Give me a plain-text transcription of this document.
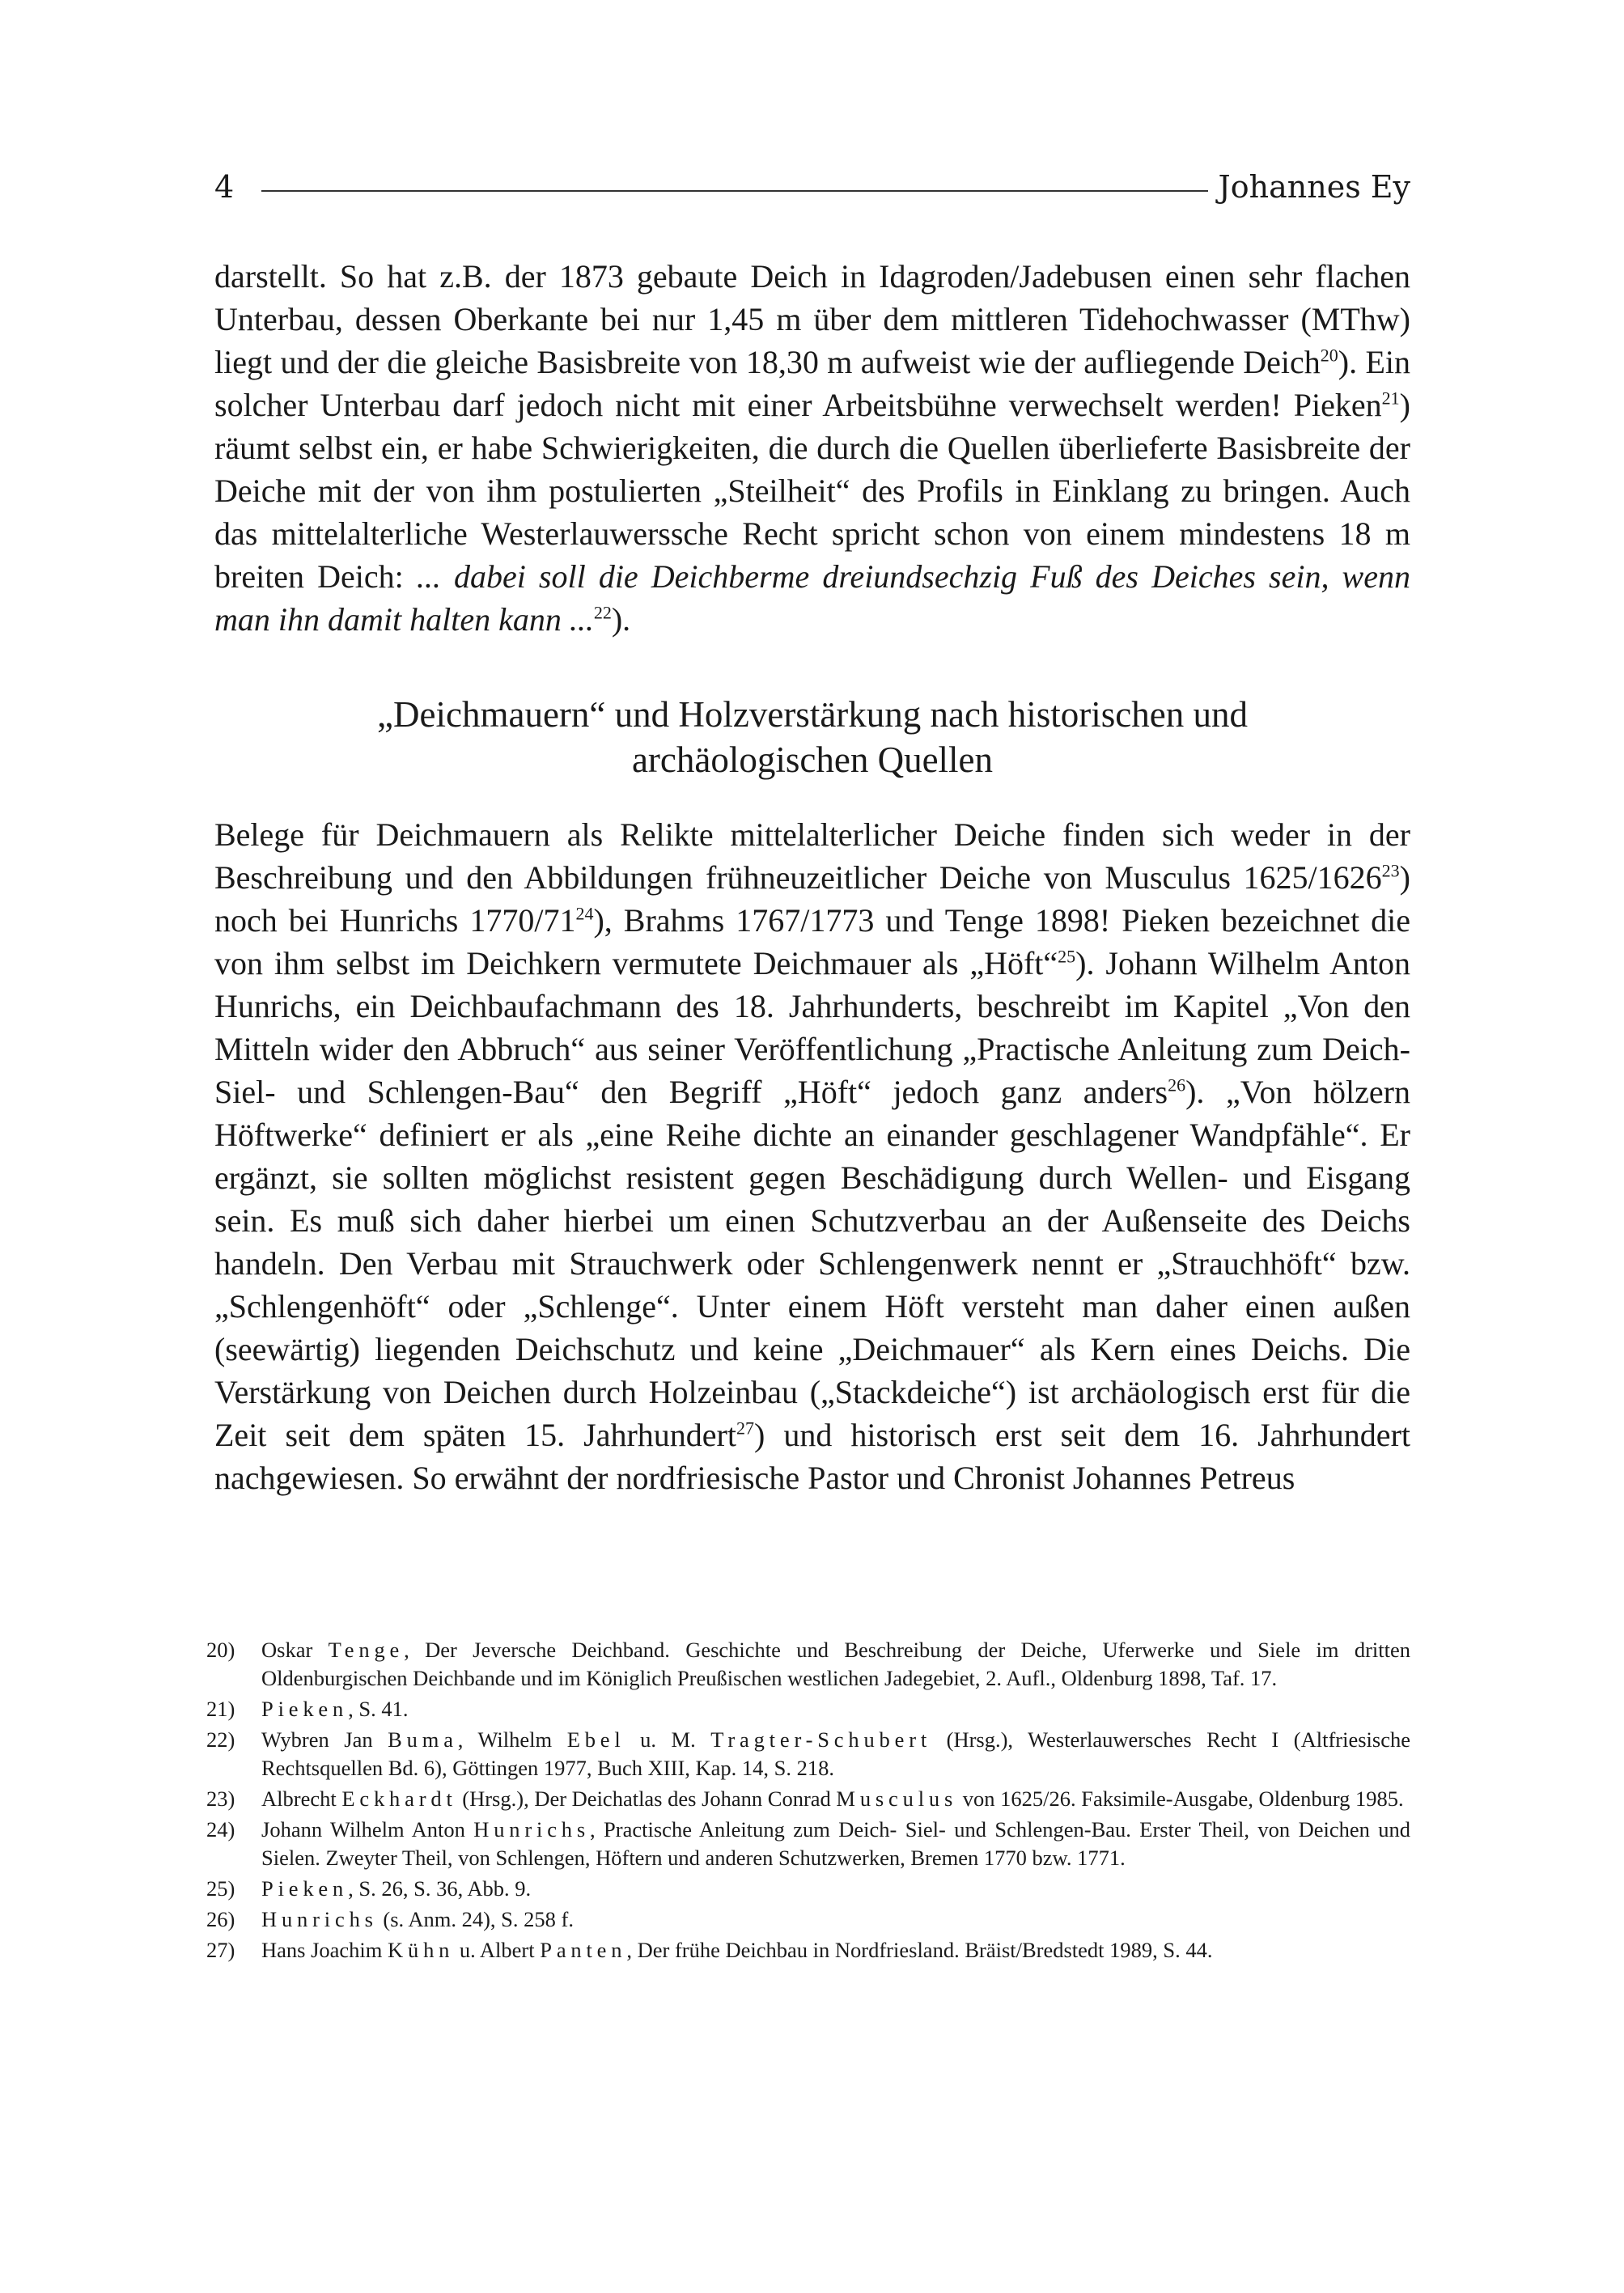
4	Johannes Ey

darstellt. So hat z.B. der 1873 gebaute Deich in Idagroden/Jadebusen einen sehr flachen Unterbau, dessen Oberkante bei nur 1,45 m über dem mittleren Tidehochwasser (MThw) liegt und der die gleiche Basisbreite von 18,30 m aufweist wie der aufliegende Deich$^{20}$). Ein solcher Unterbau darf jedoch nicht mit einer Arbeitsbühne verwechselt werden! Pieken$^{21}$) räumt selbst ein, er habe Schwierigkeiten, die durch die Quellen überlieferte Basisbreite der Deiche mit der von ihm postulierten „Steilheit“ des Profils in Einklang zu bringen. Auch das mittelalterliche Westerlauwerssche Recht spricht schon von einem mindestens 18 m breiten Deich: ... dabei soll die Deichberme dreiundsechzig Fuß des Deiches sein, wenn man ihn damit halten kann ...$^{22}$).

„Deichmauern“ und Holzverstärkung nach historischen und
archäologischen Quellen

Belege für Deichmauern als Relikte mittelalterlicher Deiche finden sich weder in der Beschreibung und den Abbildungen frühneuzeitlicher Deiche von Musculus 1625/1626$^{23}$) noch bei Hunrichs $1770/71^{24}$), Brahms 1767/1773 und Tenge 1898! Pieken bezeichnet die von ihm selbst im Deichkern vermutete Deichmauer als „Höft“$^{25}$). Johann Wilhelm Anton Hunrichs, ein Deichbaufachmann des 18. Jahrhunderts, beschreibt im Kapitel „Von den Mitteln wider den Abbruch“ aus seiner Veröffentlichung „Practische Anleitung zum Deich- Siel- und Schlengen-Bau“ den Begriff „Höft“ jedoch ganz anders$^{26}$). „Von hölzern Höftwerke“ definiert er als „eine Reihe dichte an einander geschlagener Wandpfähle“. Er ergänzt, sie sollten möglichst resistent gegen Beschädigung durch Wellen- und Eisgang sein. Es muß sich daher hierbei um einen Schutzverbau an der Außenseite des Deichs handeln. Den Verbau mit Strauchwerk oder Schlengenwerk nennt er „Strauchhöft“ bzw. „Schlengenhöft“ oder „Schlenge“. Unter einem Höft versteht man daher einen außen (seewärtig) liegenden Deichschutz und keine „Deichmauer“ als Kern eines Deichs. Die Verstärkung von Deichen durch Holzeinbau („Stackdeiche“) ist archäologisch erst für die Zeit seit dem späten 15. Jahrhundert$^{27}$) und historisch erst seit dem 16. Jahrhundert nachgewiesen. So erwähnt der nordfriesische Pastor und Chronist Johannes Petreus

20)	Oskar Tenge, Der Jeversche Deichband. Geschichte und Beschreibung der Deiche, Uferwerke und Siele im dritten Oldenburgischen Deichbande und im Königlich Preußischen westlichen Jadegebiet, 2. Aufl., Oldenburg 1898, Taf. 17.
21)	Pieken, S. 41.
22)	Wybren Jan Buma, Wilhelm Ebel u. M. Tragter-Schubert (Hrsg.), Westerlauwersches Recht I (Altfriesische Rechtsquellen Bd. 6), Göttingen 1977, Buch XIII, Kap. 14, S. 218.
23)	Albrecht Eckhardt (Hrsg.), Der Deichatlas des Johann Conrad Musculus von 1625/26. Faksimile-Ausgabe, Oldenburg 1985.
24)	Johann Wilhelm Anton Hunrichs, Practische Anleitung zum Deich- Siel- und Schlengen-Bau. Erster Theil, von Deichen und Sielen. Zweyter Theil, von Schlengen, Höftern und anderen Schutzwerken, Bremen 1770 bzw. 1771.
25)	Pieken, S. 26, S. 36, Abb. 9.
26)	Hunrichs (s. Anm. 24), S. 258 f.
27)	Hans Joachim Kühn u. Albert Panten, Der frühe Deichbau in Nordfriesland. Bräist/Bredstedt 1989, S. 44.
